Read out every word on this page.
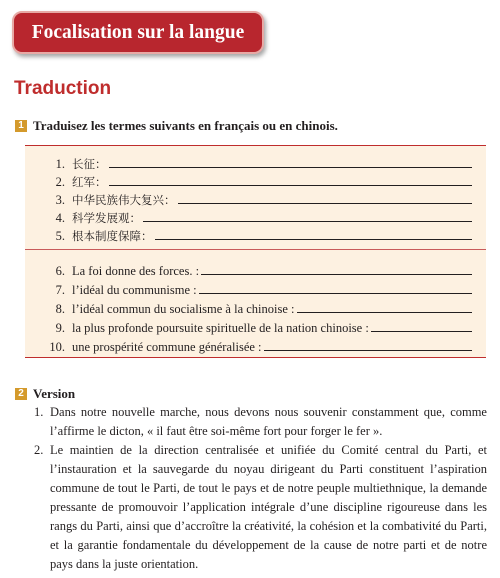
Focalisation sur la langue
Traduction
1 Traduisez les termes suivants en français ou en chinois.
1. 长征：
2. 红军：
3. 中华民族伟大复兴：
4. 科学发展观：
5. 根本制度保障：
6. La foi donne des forces. :
7. l’idéal du communisme :
8. l’idéal commun du socialisme à la chinoise :
9. la plus profonde poursuite spirituelle de la nation chinoise :
10. une prospérité commune généralisée :
2 Version
1. Dans notre nouvelle marche, nous devons nous souvenir constamment que, comme l’affirme le dicton, « il faut être soi-même fort pour forger le fer ».
2. Le maintien de la direction centralisée et unifiée du Comité central du Parti, et l’instauration et la sauvegarde du noyau dirigeant du Parti constituent l’aspiration commune de tout le Parti, de tout le pays et de notre peuple multiethnique, la demande pressante de promouvoir l’application intégrale d’une discipline rigoureuse dans les rangs du Parti, ainsi que d’accroître la créativité, la cohésion et la combativité du Parti, et la garantie fondamentale du développement de la cause de notre parti et de notre pays dans la juste orientation.
